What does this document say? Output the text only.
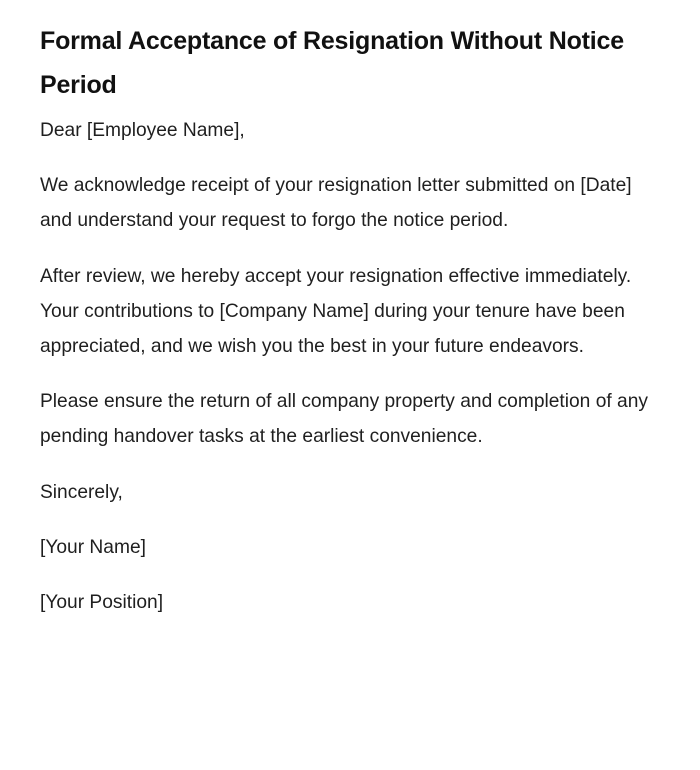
Formal Acceptance of Resignation Without Notice Period

Dear [Employee Name],

We acknowledge receipt of your resignation letter submitted on [Date] and understand your request to forgo the notice period.

After review, we hereby accept your resignation effective immediately. Your contributions to [Company Name] during your tenure have been appreciated, and we wish you the best in your future endeavors.

Please ensure the return of all company property and completion of any pending handover tasks at the earliest convenience.

Sincerely,

[Your Name]

[Your Position]
